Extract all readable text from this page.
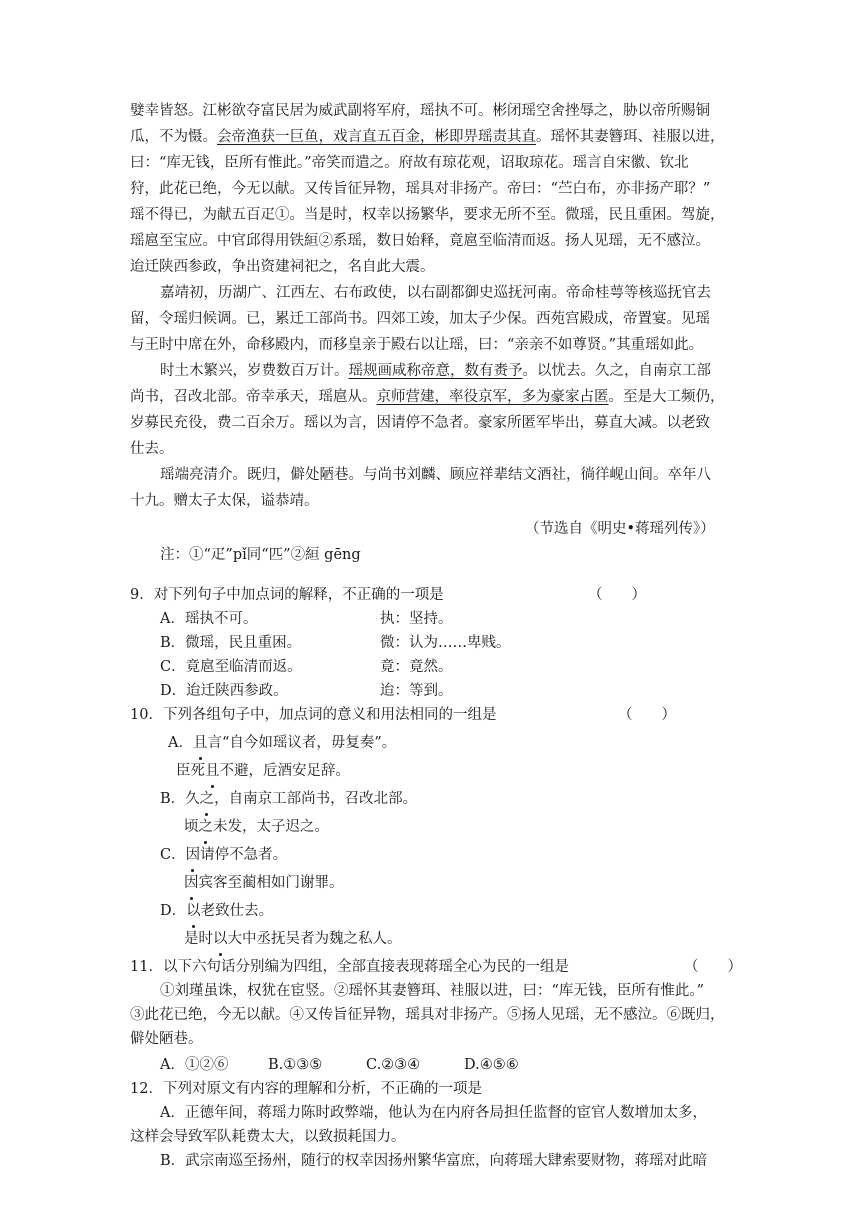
嬖幸皆怒。江彬欲夺富民居为威武副将军府，瑶执不可。彬闭瑶空舍挫辱之，胁以帝所赐铜
瓜，不为慑。会帝渔获一巨鱼，戏言直五百金，彬即畀瑶责其直。瑶怀其妻簪珥、袿服以进，
曰：“库无钱，臣所有惟此。”帝笑而遣之。府故有琼花观，诏取琼花。瑶言自宋徽、钦北
狩，此花已绝，今无以献。又传旨征异物，瑶具对非扬产。帝曰：“苎白布，亦非扬产耶？”
瑶不得已，为献五百疋①。当是时，权幸以扬繁华，要求无所不至。微瑶，民且重困。驾旋，
瑶扈至宝应。中官邱得用铁絙②系瑶，数日始释，竟扈至临清而返。扬人见瑶，无不感泣。
迨迁陕西参政，争出资建祠祀之，名自此大震。
嘉靖初，历湖广、江西左、右布政使，以右副都御史巡抚河南。帝命桂萼等核巡抚官去
留，令瑶归候调。已，累迁工部尚书。四郊工竣，加太子少保。西苑宫殿成，帝置宴。见瑶
与王时中席在外，命移殿内，而移皇亲于殿右以让瑶，曰：“亲亲不如尊贤。”其重瑶如此。
时土木繁兴，岁费数百万计。瑶规画咸称帝意，数有赉予。以忧去。久之，自南京工部
尚书，召改北部。帝幸承天，瑶扈从。京师营建，率役京军，多为豪家占匿。至是大工频仍，
岁募民充役，费二百余万。瑶以为言，因请停不急者。豪家所匿军毕出，募直大减。以老致
仕去。
瑶端亮清介。既归，僻处陋巷。与尚书刘麟、顾应祥辈结文酒社，徜徉岘山间。卒年八
十九。赠太子太保，谥恭靖。
（节选自《明史•蒋瑶列传》）
注：①“疋”pǐ同“匹”②絙 gēng
9．对下列句子中加点词的解释，不正确的一项是	（　　）
A．瑶执不可。	执：坚持。
B．微瑶，民且重困。	微：认为……卑贱。
C．竟扈至临清而返。	竟：竟然。
D．迨迁陕西参政。	迨：等到。
10．下列各组句子中，加点词的意义和用法相同的一组是	（　　）
A．且言“自今如瑶议者，毋复奏”。
臣死且不避，卮酒安足辞。
B．久之，自南京工部尚书，召改北部。
顷之未发，太子迟之。
C．因请停不急者。
因宾客至蔺相如门谢罪。
D．以老致仕去。
是时以大中丞抚吴者为魏之私人。
11．以下六句话分别编为四组，全部直接表现蒋瑶全心为民的一组是	（　　）
①刘瑾虽诛，权犹在宦竖。②瑶怀其妻簪珥、袿服以进，曰：“库无钱，臣所有惟此。”
③此花已绝，今无以献。④又传旨征异物，瑶具对非扬产。⑤扬人见瑶，无不感泣。⑥既归，
僻处陋巷。
A．①②⑥	B.①③⑤	C.②③④	D.④⑤⑥
12．下列对原文有内容的理解和分析，不正确的一项是
A．正德年间，蒋瑶力陈时政弊端，他认为在内府各局担任监督的宦官人数增加太多，
这样会导致军队耗费太大，以致损耗国力。
B．武宗南巡至扬州，随行的权幸因扬州繁华富庶，向蒋瑶大肆索要财物，蒋瑶对此暗
